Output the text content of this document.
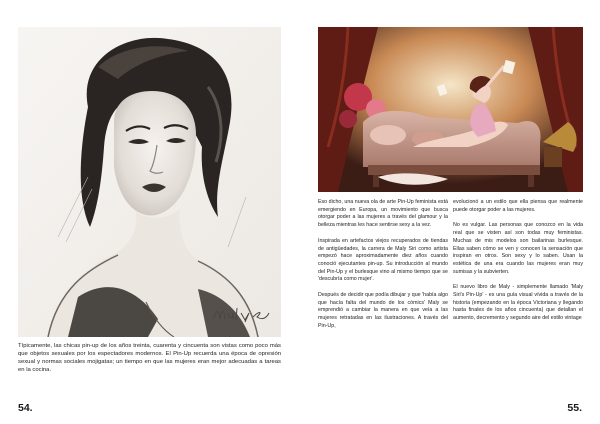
Típicamente, las chicas pin-up de los años treinta, cuarenta y cincuenta son vistas como poco más que objetos sexuales por los espectadores modernos. El Pin-Up recuerda una época de opresión sexual y normas sociales mojigatas; un tiempo en que las mujeres eran mejor adecuadas a tareas en la cocina.
54.

Eso dicho, una nueva ola de arte Pin-Up feminista está emergiendo en Europa, un movimiento que busca otorgar poder a las mujeres a través del glamour y la belleza mientras les hace sentirse sexy a la vez.

Inspirada en artefactos viejos recuperados de tiendas de antigüedades, la carrera de Maly Siri como artista empezó hace aproximadamente diez años cuando conoció ejecutantes pin-up. Su introducción al mundo del Pin-Up y el burlesque vino al mismo tiempo que se 'descubría como mujer'.

Después de decidir que podía dibujar y que 'había algo que hacía falta del mundo de los cómics' Maly se emprendió a cambiar la manera en que veía a las mujeres retratadas en las ilustraciones. A través del Pin-Up,

evolucionó a un estilo que ella piensa que realmente puede otorgar poder a las mujeres.

No es vulgar. Las personas que conozco en la vida real que se visten así son todas muy feministas. Muchas de mis modelos son bailarinas burlesque. Ellas saben cómo se ven y conocen la sensación que inspiran en otros. Son sexy y lo saben. Usan la estética de una era cuando las mujeres eran muy sumisas y la subvierten.

El nuevo libro de Maly - simplemente llamado 'Maly Siri's Pin-Up' - es una guía visual vívida a través de la historia (empezando en la época Victoriana y llegando hasta finales de los años cincuenta) que detallan el aumento, decremento y segundo aire del estilo vintage

55.
